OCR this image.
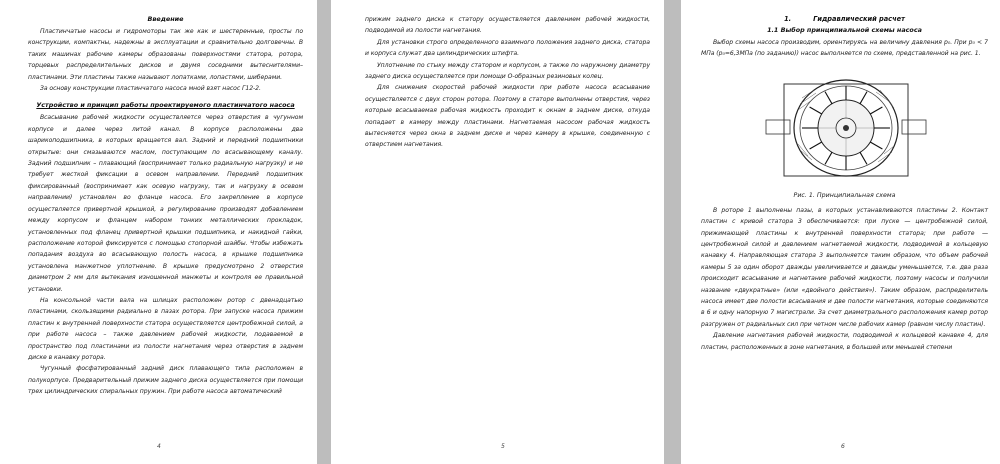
Введение

Пластинчатые насосы и гидромоторы так же как и шестеренные, просты по конструкции, компактны, надежны в эксплуатации и сравнительно долговечны. В таких машинах рабочие камеры образованы поверхностями статора, ротора, торцевых распределительных дисков и двумя соседними вытеснителями–пластинами. Эти пластины также называют лопатками, лопастями, шиберами.

За основу конструкции пластинчатого насоса мной взят насос Г12-2.

Устройство и принцип работы проектируемого пластинчатого насоса

Всасывание рабочей жидкости осуществляется через отверстия в чугунном корпусе и далее через литой канал. В корпусе расположены два шарикоподшипника, в которых вращается вал. Задний и передний подшипники открытые: они смазываются маслом, поступающим по всасывающему каналу. Задний подшипник – плавающий (воспринимает только радиальную нагрузку) и не требует жесткой фиксации в осевом направлении. Передний подшипник фиксированный (воспринимает как осевую нагрузку, так и нагрузку в осевом направлении) установлен во фланце насоса. Его закрепление в корпусе осуществляется привертной крышкой, а регулирование производят добавлением между корпусом и фланцем набором тонких металлических прокладок, установленных под фланец привертной крышки подшипника, и накидной гайки, расположение которой фиксируется с помощью стопорной шайбы. Чтобы избежать попадания воздуха во всасывающую полость насоса, в крышке подшипника установлена манжетное уплотнение. В крышке предусмотрено 2 отверстия диаметром 2 мм для вытекания изношенной манжеты и контроля ее правильной установки.

На консольной части вала на шлицах расположен ротор с двенадцатью пластинами, скользящими радиально в пазах ротора. При запуске насоса прижим пластин к внутренней поверхности статора осуществляется центробежной силой, а при работе насоса – также давлением рабочей жидкости, подаваемой в пространство под пластинами из полости нагнетания через отверстия в заднем диске в канавку ротора.

Чугунный фосфатированный задний диск плавающего типа расположен в полукорпусе. Предварительный прижим заднего диска осуществляется при помощи трех цилиндрических спиральных пружин. При работе насоса автоматический

4

прижим заднего диска к статору осуществляется давлением рабочей жидкости, подводимой из полости нагнетания.

Для установки строго определенного взаимного положения заднего диска, статора и корпуса служат два цилиндрических штифта.

Уплотнение по стыку между статором и корпусом, а также по наружному диаметру заднего диска осуществляется при помощи О-образных резиновых колец.

Для снижения скоростей рабочей жидкости при работе насоса всасывание осуществляется с двух сторон ротора. Поэтому в статоре выполнены отверстия, через которые всасываемая рабочая жидкость проходит к окнам в заднем диске, откуда попадает в камеру между пластинами. Нагнетаемая насосом рабочая жидкость вытесняется через окна в заднем диске и через камеру в крышке, соединенную с отверстием нагнетания.

5
1.	Гидравлический расчет

1.1 Выбор принципиальной схемы насоса

Выбор схемы насоса производим, ориентируясь на величину давления p₀. При p₀ < 7 МПа (p₀=6,3МПа (по заданию)) насос выполняется по схеме, представленной на рис. 1.

Рис. 1. Принципиальная схема

В роторе 1 выполнены пазы, в которых устанавливаются пластины 2. Контакт пластин с кривой статора 3 обеспечивается: при пуске — центробежной силой, прижимающей пластины к внутренней поверхности статора; при работе — центробежной силой и давлением нагнетаемой жидкости, подводимой в кольцевую канавку 4. Направляющая статора 3 выполняется таким образом, что объем рабочей камеры 5 за один оборот дважды увеличивается и дважды уменьшается, т.е. два раза происходит всасывание и нагнетание рабочей жидкости, поэтому насосы и получили название «двукратные» (или «двойного действия»). Таким образом, распределитель насоса имеет две полости всасывания и две полости нагнетания, которые соединяются в 6 и одну напорную 7 магистрали. За счет диаметрального расположения камер ротор разгружен от радиальных сил при четном числе рабочих камер (равном числу пластин).

Давление нагнетания рабочей жидкости, подводимой к кольцевой канавке 4, для пластин, расположенных в зоне нагнетания, в большей или меньшей степени

6
